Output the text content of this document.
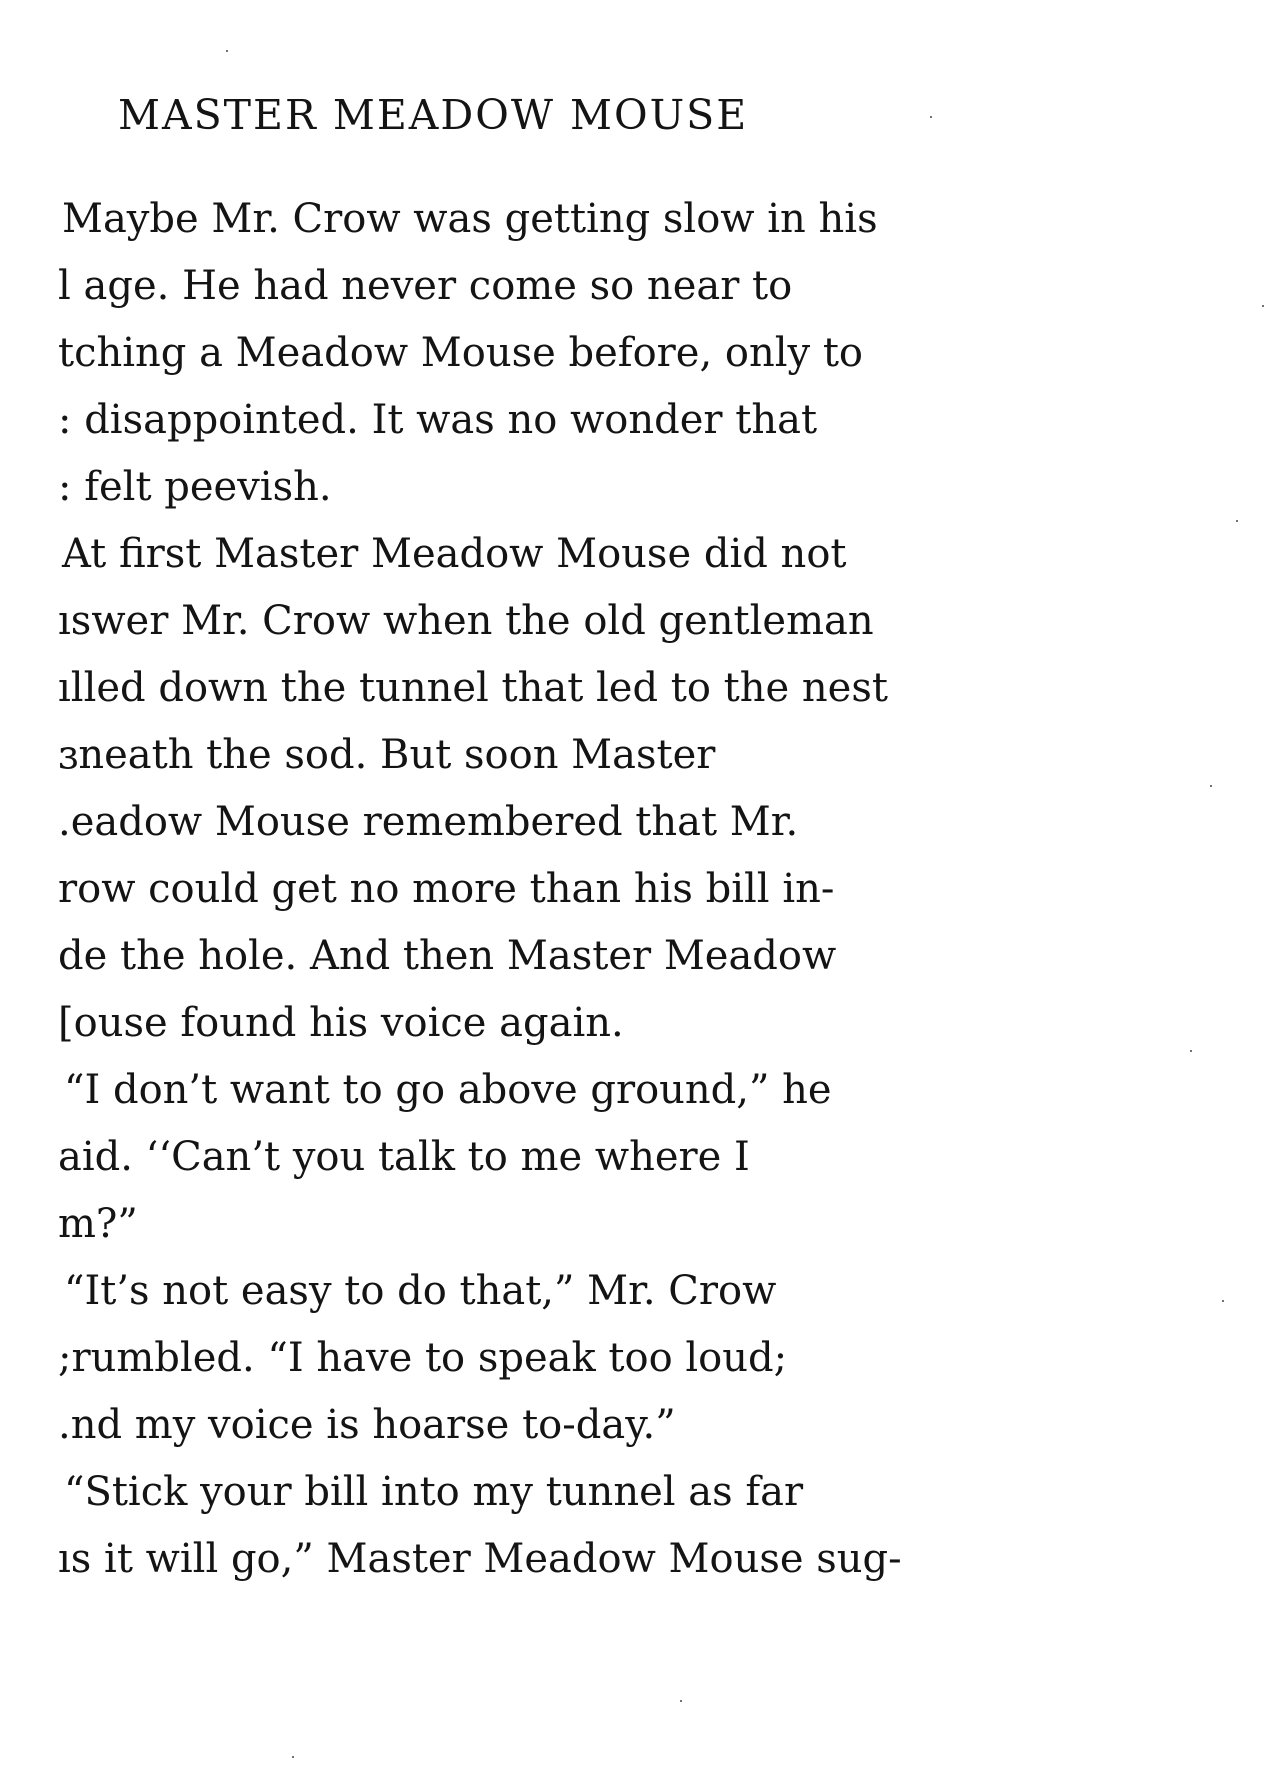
MASTER MEADOW MOUSE
Maybe Mr. Crow was getting slow in his
l age. He had never come so near to
tching a Meadow Mouse before, only to
: disappointed. It was no wonder that
: felt peevish.
At first Master Meadow Mouse did not
ıswer Mr. Crow when the old gentleman
ılled down the tunnel that led to the nest
ɜneath the sod. But soon Master
.eadow Mouse remembered that Mr.
row could get no more than his bill in-
de the hole. And then Master Meadow
[ouse found his voice again.
“I don’t want to go above ground,” he
aid. ‘‘Can’t you talk to me where I
m?”
“It’s not easy to do that,” Mr. Crow
;rumbled. “I have to speak too loud;
.nd my voice is hoarse to-day.”
“Stick your bill into my tunnel as far
ıs it will go,” Master Meadow Mouse sug-
